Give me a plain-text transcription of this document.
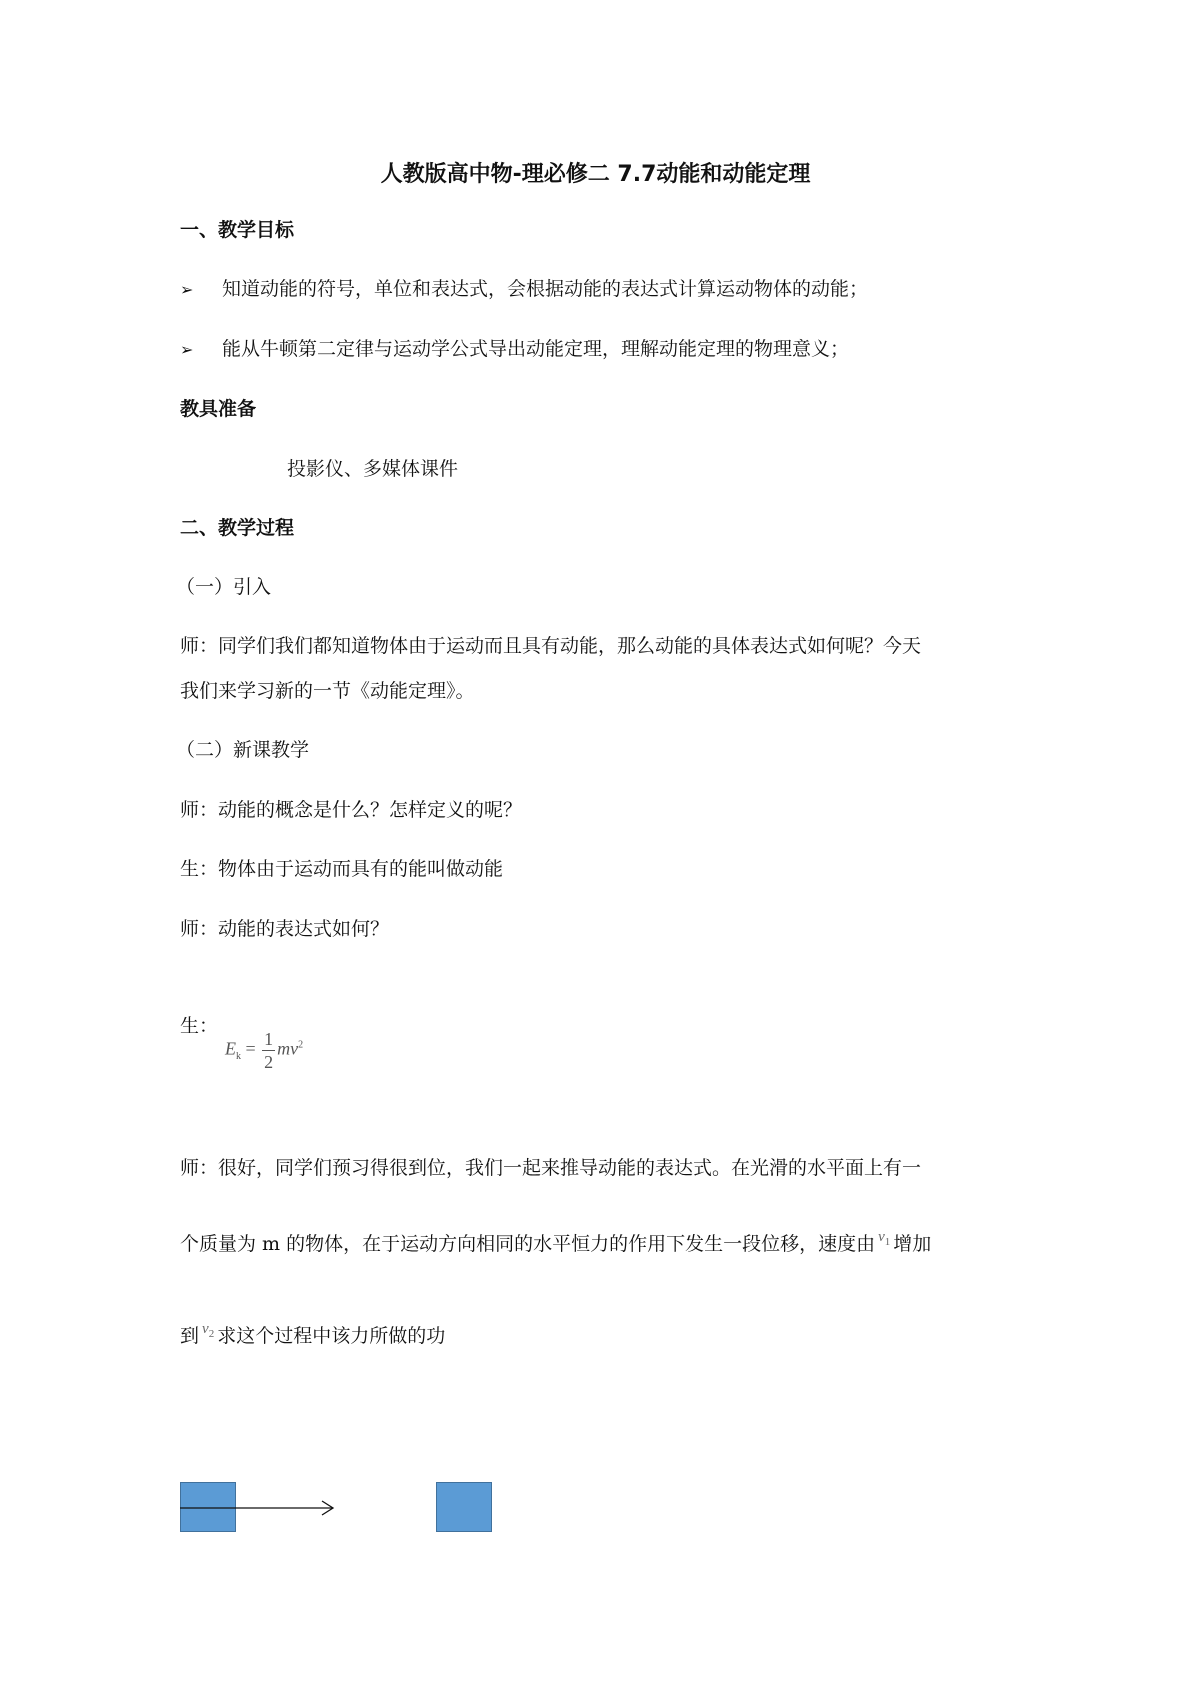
人教版高中物-理必修二 7.7动能和动能定理
一、教学目标
➢ 知道动能的符号，单位和表达式，会根据动能的表达式计算运动物体的动能；
➢ 能从牛顿第二定律与运动学公式导出动能定理，理解动能定理的物理意义；
教具准备
投影仪、多媒体课件
二、教学过程
（一）引入
师：同学们我们都知道物体由于运动而且具有动能，那么动能的具体表达式如何呢？今天
我们来学习新的一节《动能定理》。
（二）新课教学
师：动能的概念是什么？怎样定义的呢？
生：物体由于运动而具有的能叫做动能
师：动能的表达式如何？
生：
$E_k = \frac{1}{2} mv^2$
师：很好，同学们预习得很到位，我们一起来推导动能的表达式。在光滑的水平面上有一
个质量为 m 的物体，在于运动方向相同的水平恒力的作用下发生一段位移，速度由 $^{v_1}$ 增加
到 $^{v_2}$ 求这个过程中该力所做的功
